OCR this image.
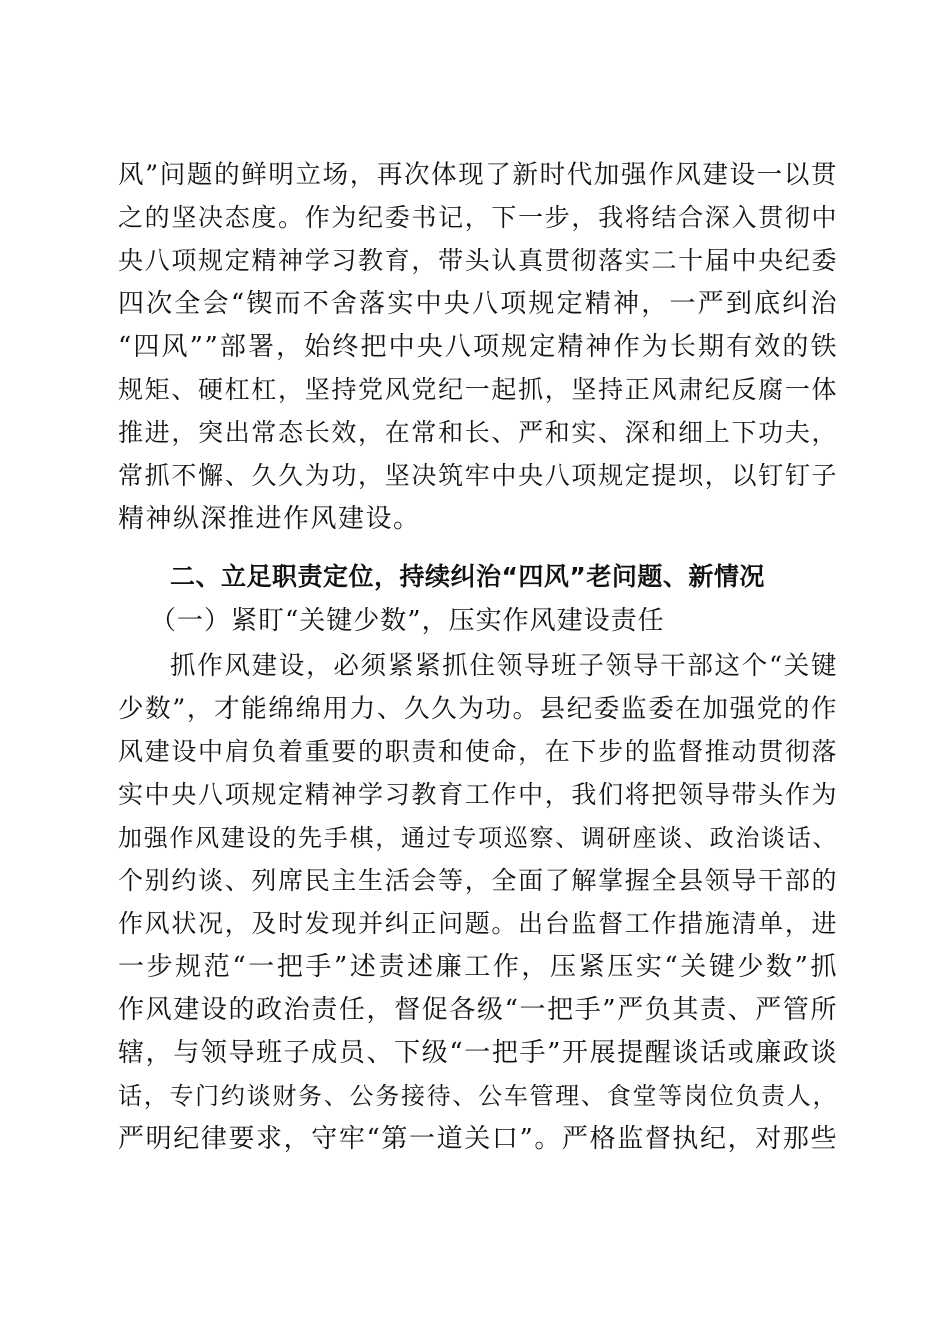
风”问题的鲜明立场，再次体现了新时代加强作风建设一以贯
之的坚决态度。作为纪委书记，下一步，我将结合深入贯彻中
央八项规定精神学习教育，带头认真贯彻落实二十届中央纪委
四次全会“锲而不舍落实中央八项规定精神，一严到底纠治
“四风””部署，始终把中央八项规定精神作为长期有效的铁
规矩、硬杠杠，坚持党风党纪一起抓，坚持正风肃纪反腐一体
推进，突出常态长效，在常和长、严和实、深和细上下功夫，
常抓不懈、久久为功，坚决筑牢中央八项规定提坝，以钉钉子
精神纵深推进作风建设。
二、立足职责定位，持续纠治“四风”老问题、新情况
（一）紧盯“关键少数”，压实作风建设责任
抓作风建设，必须紧紧抓住领导班子领导干部这个“关键
少数”，才能绵绵用力、久久为功。县纪委监委在加强党的作
风建设中肩负着重要的职责和使命，在下步的监督推动贯彻落
实中央八项规定精神学习教育工作中，我们将把领导带头作为
加强作风建设的先手棋，通过专项巡察、调研座谈、政治谈话、
个别约谈、列席民主生活会等，全面了解掌握全县领导干部的
作风状况，及时发现并纠正问题。出台监督工作措施清单，进
一步规范“一把手”述责述廉工作，压紧压实“关键少数”抓
作风建设的政治责任，督促各级“一把手”严负其责、严管所
辖，与领导班子成员、下级“一把手”开展提醒谈话或廉政谈
话，专门约谈财务、公务接待、公车管理、食堂等岗位负责人，
严明纪律要求，守牢“第一道关口”。严格监督执纪，对那些
